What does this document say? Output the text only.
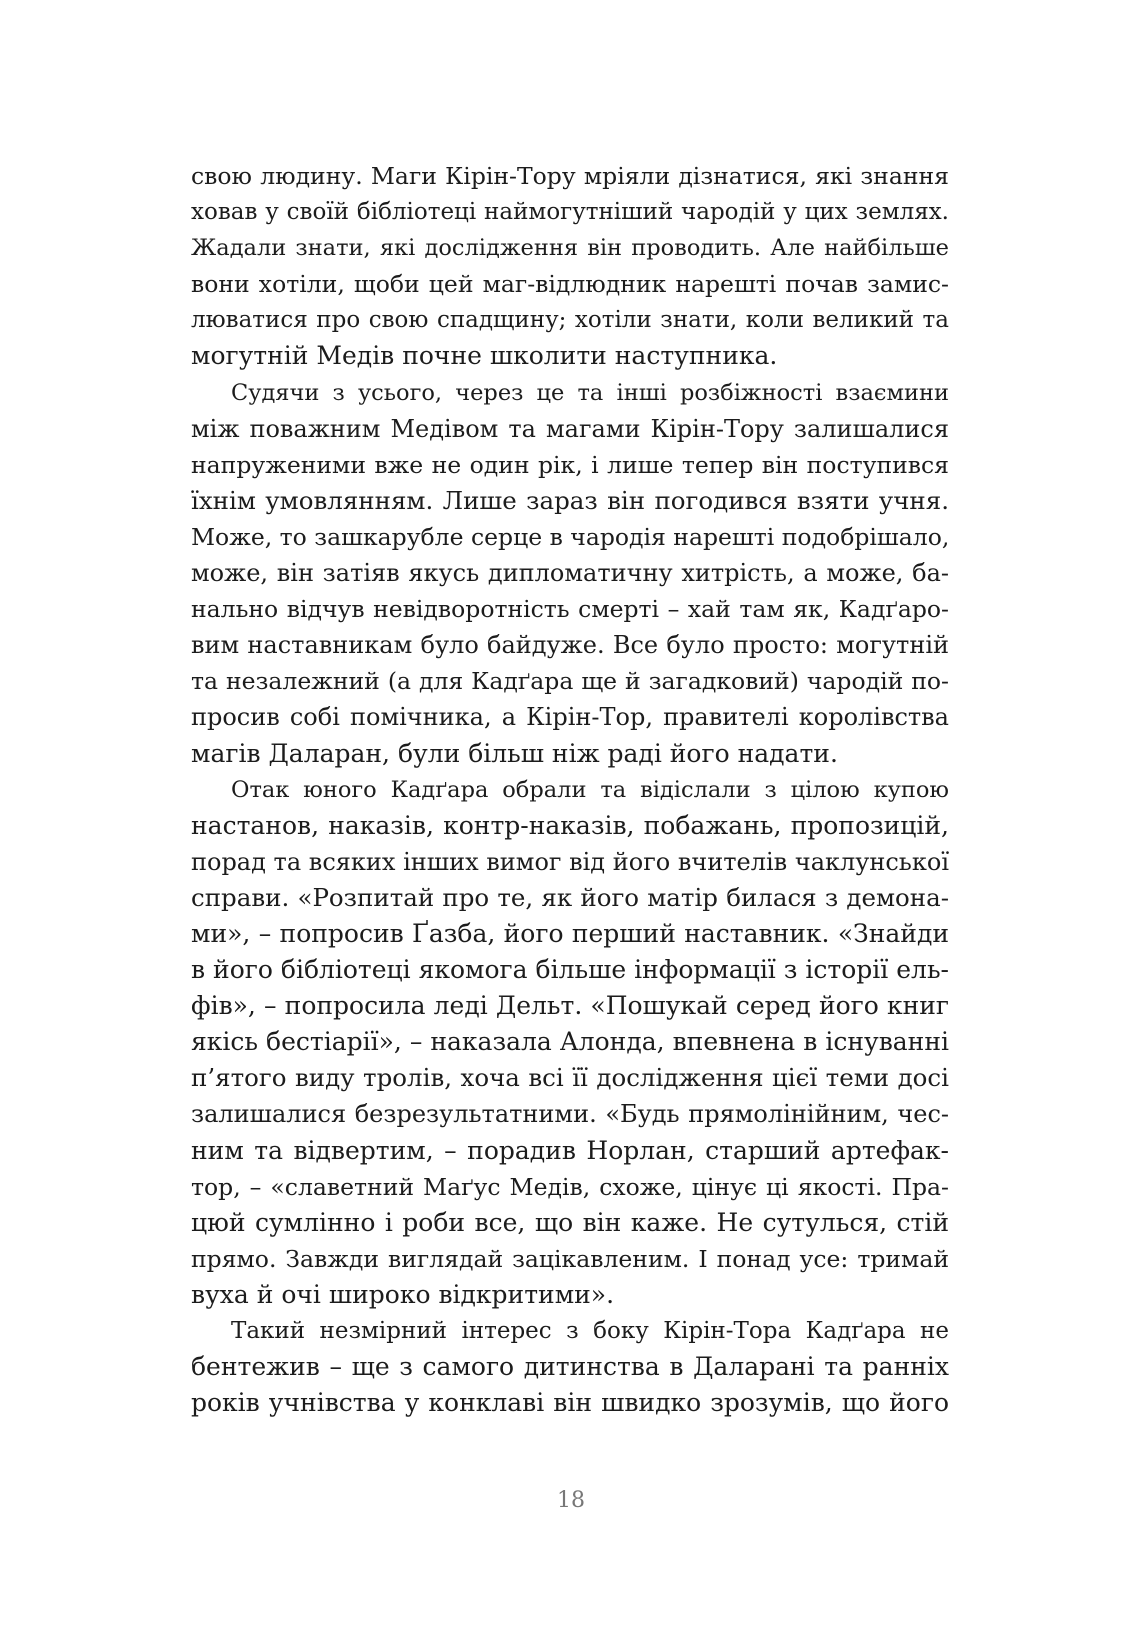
свою людину. Маги Кірін-Тору мріяли дізнатися, які знання
ховав у своїй бібліотеці наймогутніший чародій у цих землях.
Жадали знати, які дослідження він проводить. Але найбільше
вони хотіли, щоби цей маг-відлюдник нарешті почав замис-
люватися про свою спадщину; хотіли знати, коли великий та
могутній Медів почне школити наступника.

Судячи з усього, через це та інші розбіжності взаємини
між поважним Медівом та магами Кірін-Тору залишалися
напруженими вже не один рік, і лише тепер він поступився
їхнім умовлянням. Лише зараз він погодився взяти учня.
Може, то зашкарубле серце в чародія нарешті подобрішало,
може, він затіяв якусь дипломатичну хитрість, а може, ба-
нально відчув невідворотність смерті – хай там як, Кадґаро-
вим наставникам було байдуже. Все було просто: могутній
та незалежний (а для Кадґара ще й загадковий) чародій по-
просив собі помічника, а Кірін-Тор, правителі королівства
магів Даларан, були більш ніж раді його надати.

Отак юного Кадґара обрали та відіслали з цілою купою
настанов, наказів, контр-наказів, побажань, пропозицій,
порад та всяких інших вимог від його вчителів чаклунської
справи. «Розпитай про те, як його матір билася з демона-
ми», – попросив Ґазба, його перший наставник. «Знайди
в його бібліотеці якомога більше інформації з історії ель-
фів», – попросила леді Дельт. «Пошукай серед його книг
якісь бестіарії», – наказала Алонда, впевнена в існуванні
п’ятого виду тролів, хоча всі її дослідження цієї теми досі
залишалися безрезультатними. «Будь прямолінійним, чес-
ним та відвертим, – порадив Норлан, старший артефак-
тор, – «славетний Маґус Медів, схоже, цінує ці якості. Пра-
цюй сумлінно і роби все, що він каже. Не сутулься, стій
прямо. Завжди виглядай зацікавленим. І понад усе: тримай
вуха й очі широко відкритими».

Такий незмірний інтерес з боку Кірін-Тора Кадґара не
бентежив – ще з самого дитинства в Даларані та ранніх
років учнівства у конклаві він швидко зрозумів, що його

18
